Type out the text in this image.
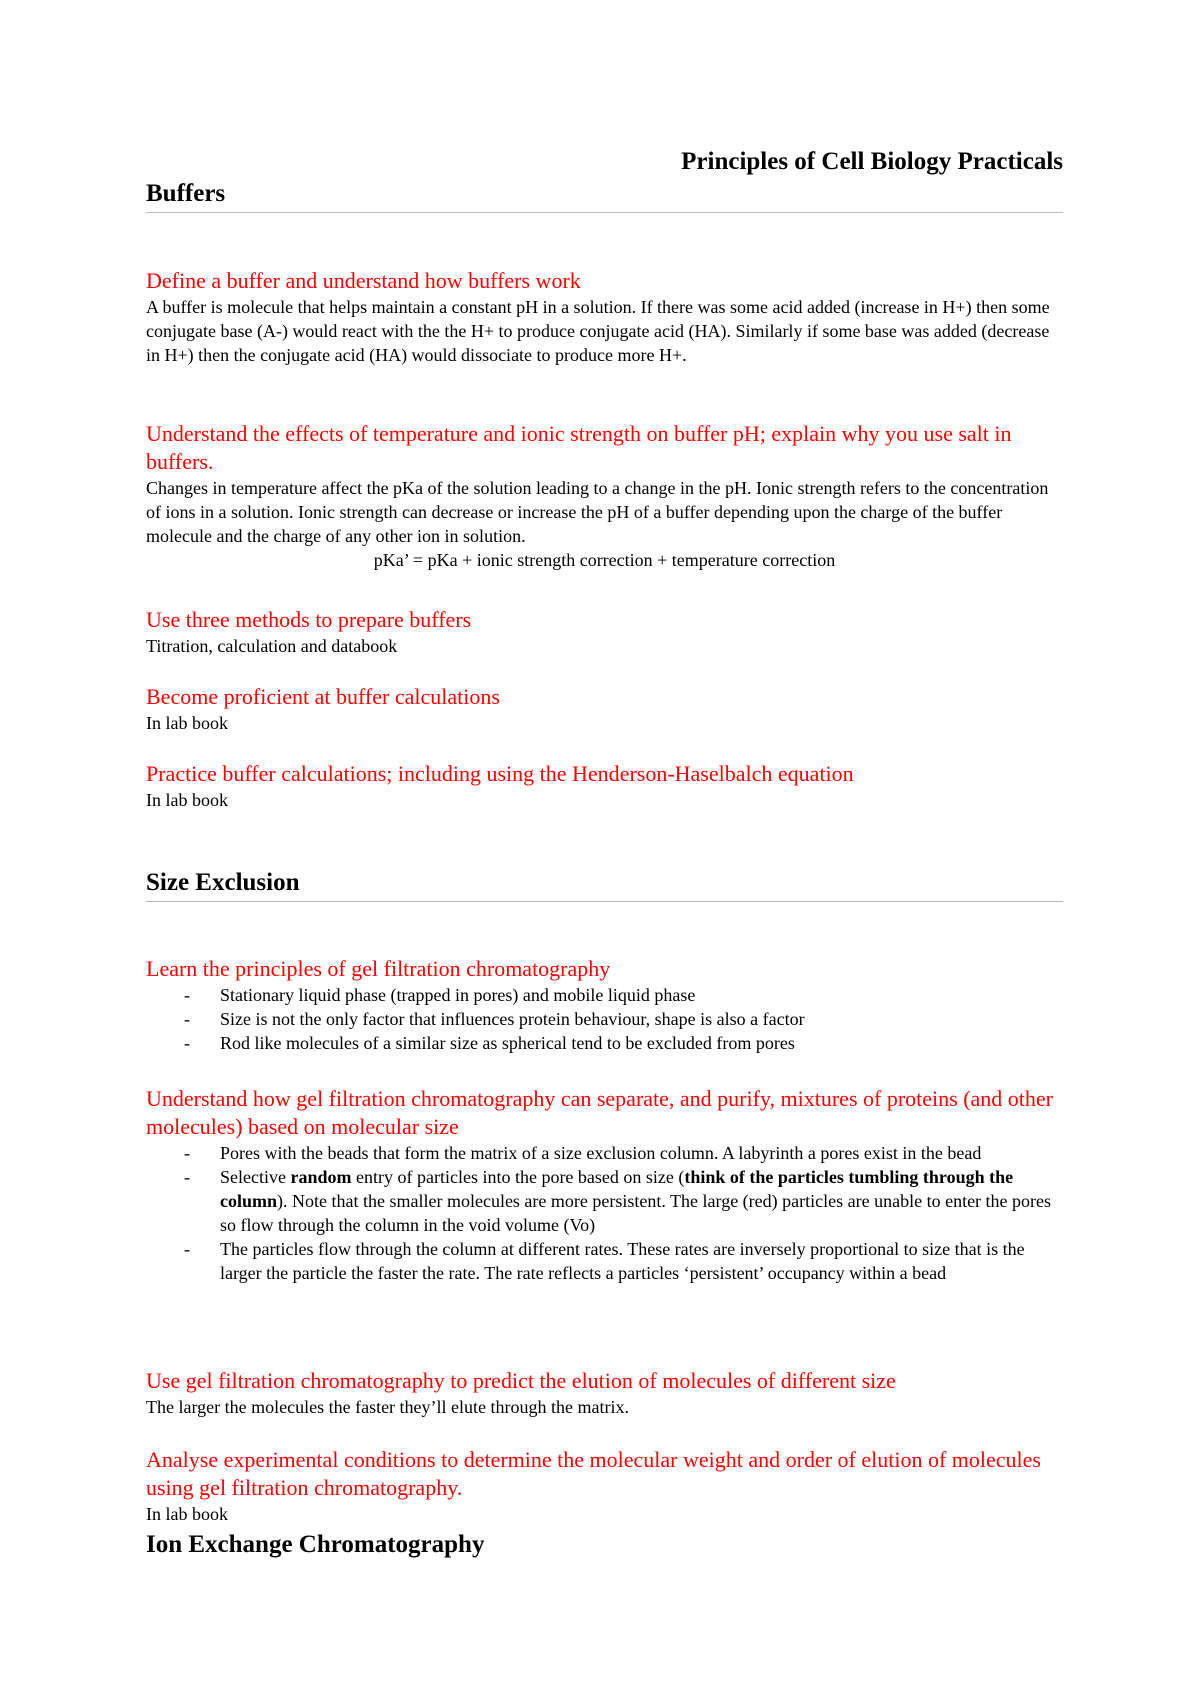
Principles of Cell Biology Practicals
Buffers
Define a buffer and understand how buffers work
A buffer is molecule that helps maintain a constant pH in a solution. If there was some acid added (increase in H+) then some conjugate base (A-) would react with the the H+ to produce conjugate acid (HA). Similarly if some base was added (decrease in H+) then the conjugate acid (HA) would dissociate to produce more H+.
Understand the effects of temperature and ionic strength on buffer pH; explain why you use salt in buffers.
Changes in temperature affect the pKa of the solution leading to a change in the pH. Ionic strength refers to the concentration of ions in a solution. Ionic strength can decrease or increase the pH of a buffer depending upon the charge of the buffer molecule and the charge of any other ion in solution.
pKa’ = pKa + ionic strength correction + temperature correction
Use three methods to prepare buffers
Titration, calculation and databook
Become proficient at buffer calculations
In lab book
Practice buffer calculations; including using the Henderson-Haselbalch equation
In lab book
Size Exclusion
Learn the principles of gel filtration chromatography
- Stationary liquid phase (trapped in pores) and mobile liquid phase
- Size is not the only factor that influences protein behaviour, shape is also a factor
- Rod like molecules of a similar size as spherical tend to be excluded from pores
Understand how gel filtration chromatography can separate, and purify, mixtures of proteins (and other molecules) based on molecular size
- Pores with the beads that form the matrix of a size exclusion column. A labyrinth a pores exist in the bead
- Selective random entry of particles into the pore based on size (think of the particles tumbling through the column). Note that the smaller molecules are more persistent. The large (red) particles are unable to enter the pores so flow through the column in the void volume (Vo)
- The particles flow through the column at different rates. These rates are inversely proportional to size that is the larger the particle the faster the rate. The rate reflects a particles ‘persistent’ occupancy within a bead
Use gel filtration chromatography to predict the elution of molecules of different size
The larger the molecules the faster they’ll elute through the matrix.
Analyse experimental conditions to determine the molecular weight and order of elution of molecules using gel filtration chromatography.
In lab book
Ion Exchange Chromatography
